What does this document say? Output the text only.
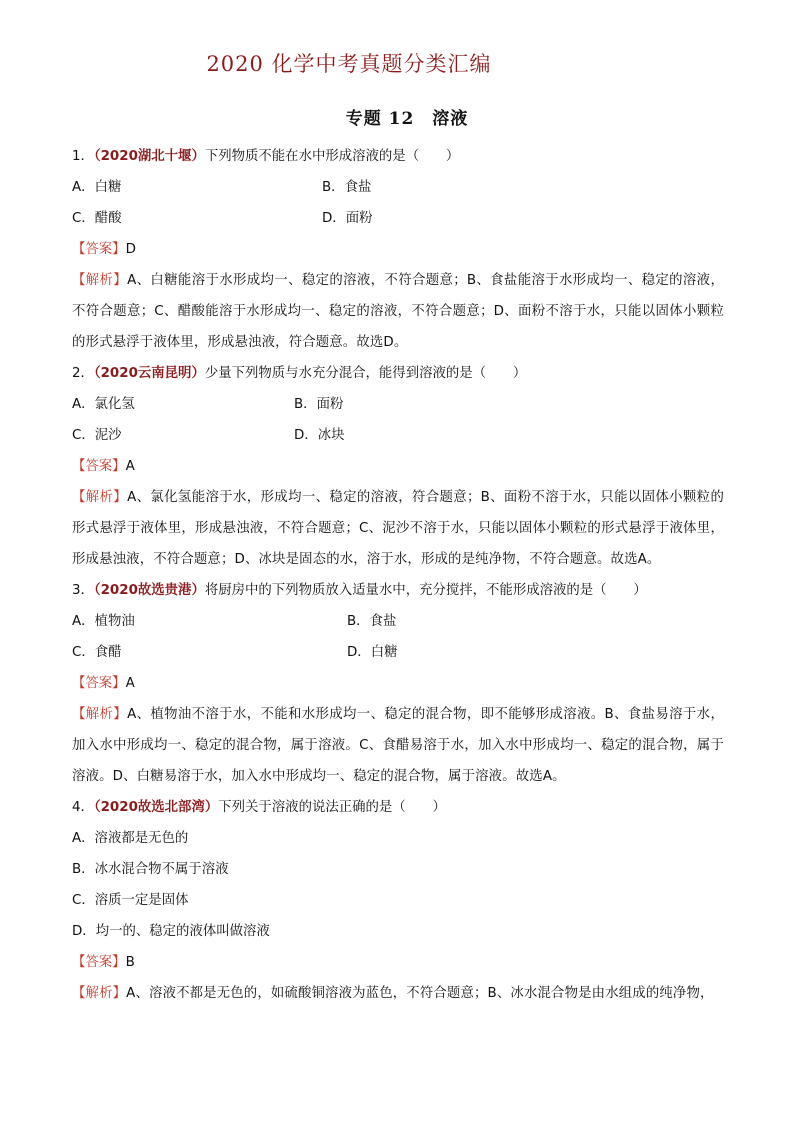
2020 化学中考真题分类汇编
专题 12　溶液
1．（2020湖北十堰）下列物质不能在水中形成溶液的是（　　）
A．白糖	B．食盐
C．醋酸	D．面粉
【答案】D
【解析】A、白糖能溶于水形成均一、稳定的溶液，不符合题意；B、食盐能溶于水形成均一、稳定的溶液，不符合题意；C、醋酸能溶于水形成均一、稳定的溶液，不符合题意；D、面粉不溶于水，只能以固体小颗粒的形式悬浮于液体里，形成悬浊液，符合题意。故选D。
2．（2020云南昆明）少量下列物质与水充分混合，能得到溶液的是（　　）
A．氯化氢	B．面粉
C．泥沙	D．冰块
【答案】A
【解析】A、氯化氢能溶于水，形成均一、稳定的溶液，符合题意；B、面粉不溶于水，只能以固体小颗粒的形式悬浮于液体里，形成悬浊液，不符合题意；C、泥沙不溶于水，只能以固体小颗粒的形式悬浮于液体里，形成悬浊液，不符合题意；D、冰块是固态的水，溶于水，形成的是纯净物，不符合题意。故选A。
3．（2020故选贵港）将厨房中的下列物质放入适量水中，充分搅拌，不能形成溶液的是（　　）
A．植物油	B．食盐
C．食醋	D．白糖
【答案】A
【解析】A、植物油不溶于水，不能和水形成均一、稳定的混合物，即不能够形成溶液。B、食盐易溶于水，加入水中形成均一、稳定的混合物，属于溶液。C、食醋易溶于水，加入水中形成均一、稳定的混合物，属于溶液。D、白糖易溶于水，加入水中形成均一、稳定的混合物，属于溶液。故选A。
4．（2020故选北部湾）下列关于溶液的说法正确的是（　　）
A．溶液都是无色的
B．冰水混合物不属于溶液
C．溶质一定是固体
D．均一的、稳定的液体叫做溶液
【答案】B
【解析】A、溶液不都是无色的，如硫酸铜溶液为蓝色，不符合题意；B、冰水混合物是由水组成的纯净物，
